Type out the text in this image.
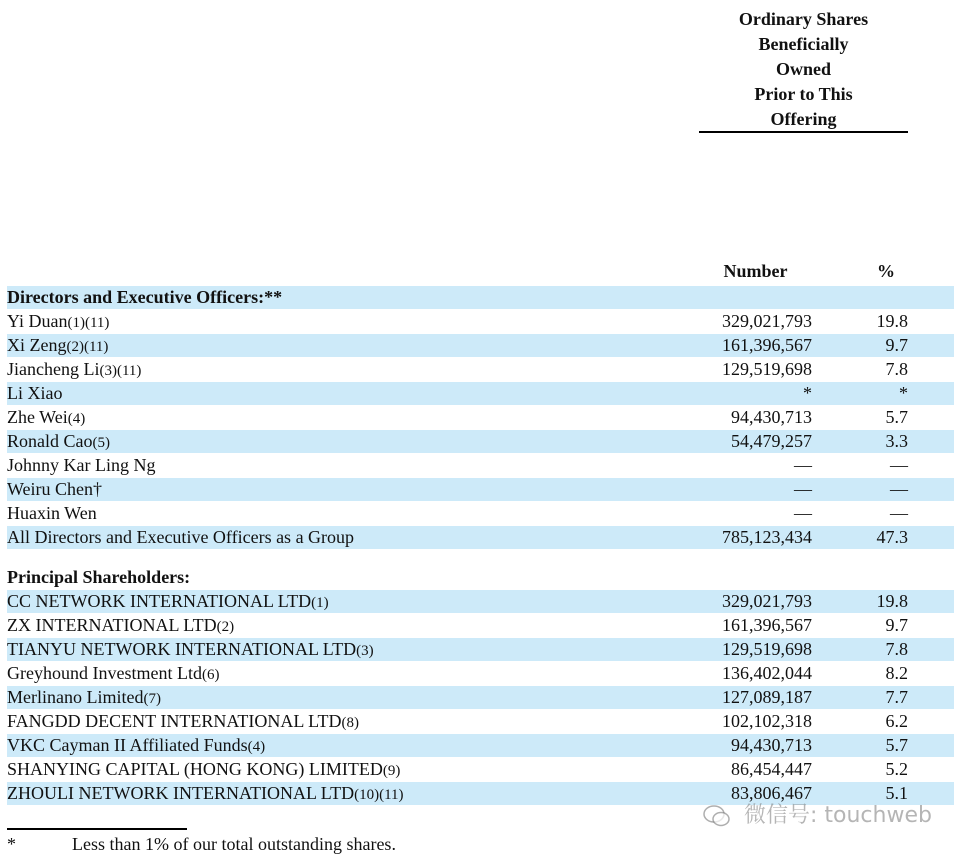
Ordinary Shares
Beneficially
Owned
Prior to This
Offering
Number	%
Directors and Executive Officers:**
Yi Duan(1)(11)	329,021,793	19.8
Xi Zeng(2)(11)	161,396,567	9.7
Jiancheng Li(3)(11)	129,519,698	7.8
Li Xiao	*	*
Zhe Wei(4)	94,430,713	5.7
Ronald Cao(5)	54,479,257	3.3
Johnny Kar Ling Ng	—	—
Weiru Chen†	—	—
Huaxin Wen	—	—
All Directors and Executive Officers as a Group	785,123,434	47.3
Principal Shareholders:
CC NETWORK INTERNATIONAL LTD(1)	329,021,793	19.8
ZX INTERNATIONAL LTD(2)	161,396,567	9.7
TIANYU NETWORK INTERNATIONAL LTD(3)	129,519,698	7.8
Greyhound Investment Ltd(6)	136,402,044	8.2
Merlinano Limited(7)	127,089,187	7.7
FANGDD DECENT INTERNATIONAL LTD(8)	102,102,318	6.2
VKC Cayman II Affiliated Funds(4)	94,430,713	5.7
SHANYING CAPITAL (HONG KONG) LIMITED(9)	86,454,447	5.2
ZHOULI NETWORK INTERNATIONAL LTD(10)(11)	83,806,467	5.1
*	Less than 1% of our total outstanding shares.
微信号: touchweb
